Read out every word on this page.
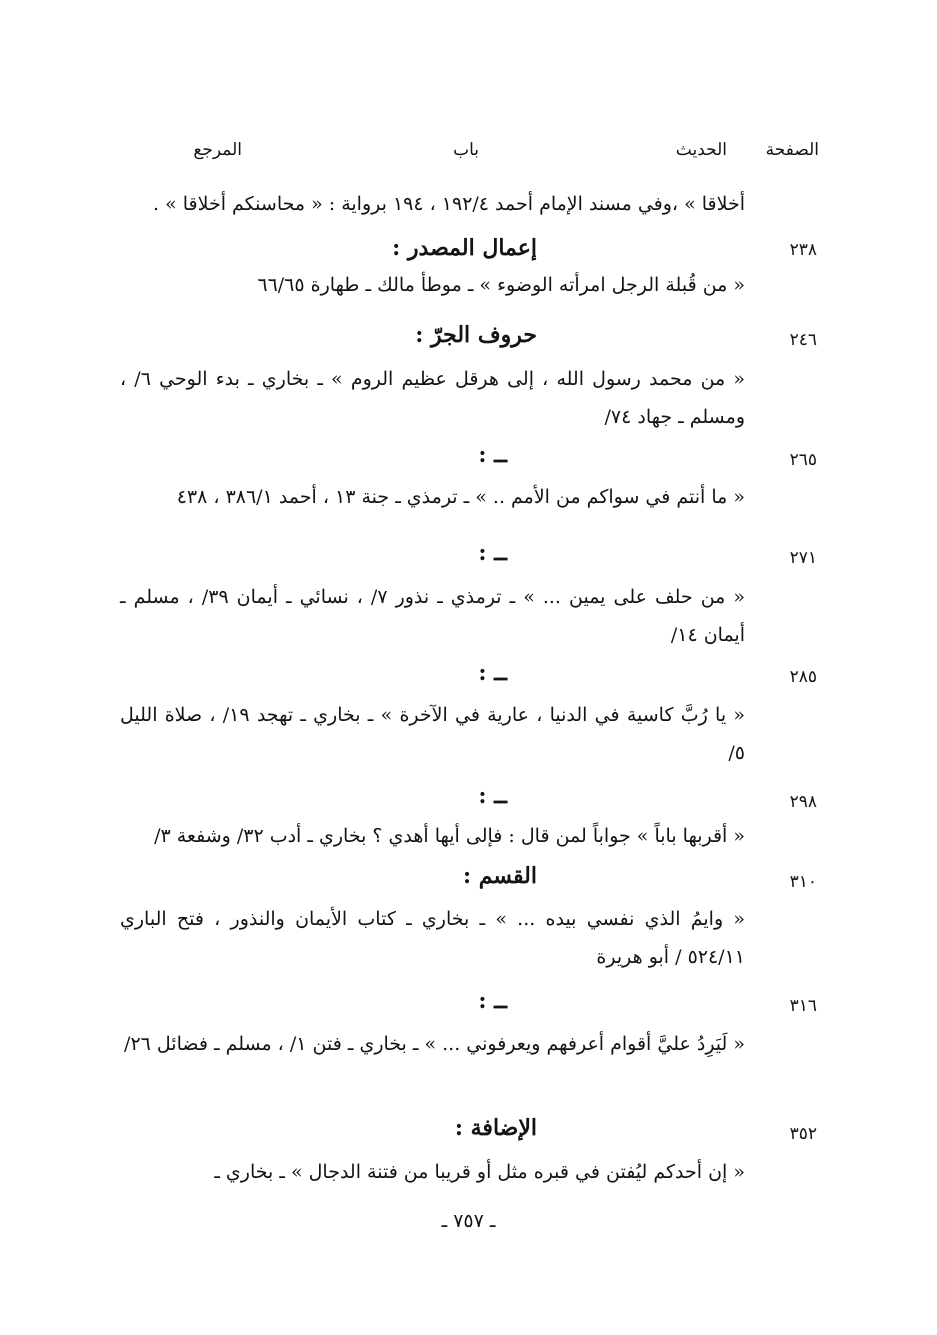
الصفحة
الحديث
باب
المرجع
أخلاقا » ،وفي مسند الإمام أحمد ١٩٢/٤ ، ١٩٤ برواية : « محاسنكم أخلاقا » .
٢٣٨
إعمال المصدر :
« من قُبلة الرجل امرأته الوضوء » ـ موطأ مالك ـ طهارة ٦٦/٦٥
٢٤٦
حروف الجرّ :
« من محمد رسول الله ، إلى هرقل عظيم الروم » ـ بخاري ـ بدء الوحي ٦/ ، ومسلم ـ جهاد ٧٤/
٢٦٥
ــ :
« ما أنتم في سواكم من الأمم .. » ـ ترمذي ـ جنة ١٣ ، أحمد ٣٨٦/١ ، ٤٣٨
٢٧١
ــ :
« من حلف على يمين ... » ـ ترمذي ـ نذور ٧/ ، نسائي ـ أيمان ٣٩/ ، مسلم ـ أيمان ١٤/
٢٨٥
ــ :
« يا رُبَّ كاسية في الدنيا ، عارية في الآخرة » ـ بخاري ـ تهجد ١٩/ ، صلاة الليل ٥/
٢٩٨
ــ :
« أقربها باباً » جواباً لمن قال : فإلى أيها أهدي ؟ بخاري ـ أدب ٣٢/ وشفعة ٣/
٣١٠
القسم :
« وايمُ الذي نفسي بيده ... » ـ بخاري ـ كتاب الأيمان والنذور ، فتح الباري ٥٢٤/١١ / أبو هريرة
٣١٦
ــ :
« لَيَرِدُ عليَّ أقوام أعرفهم ويعرفوني ... » ـ بخاري ـ فتن ١/ ، مسلم ـ فضائل ٢٦/
٣٥٢
الإضافة :
« إن أحدكم ليُفتن في قبره مثل أو قريبا من فتنة الدجال » ـ بخاري ـ
ـ ٧٥٧ ـ
